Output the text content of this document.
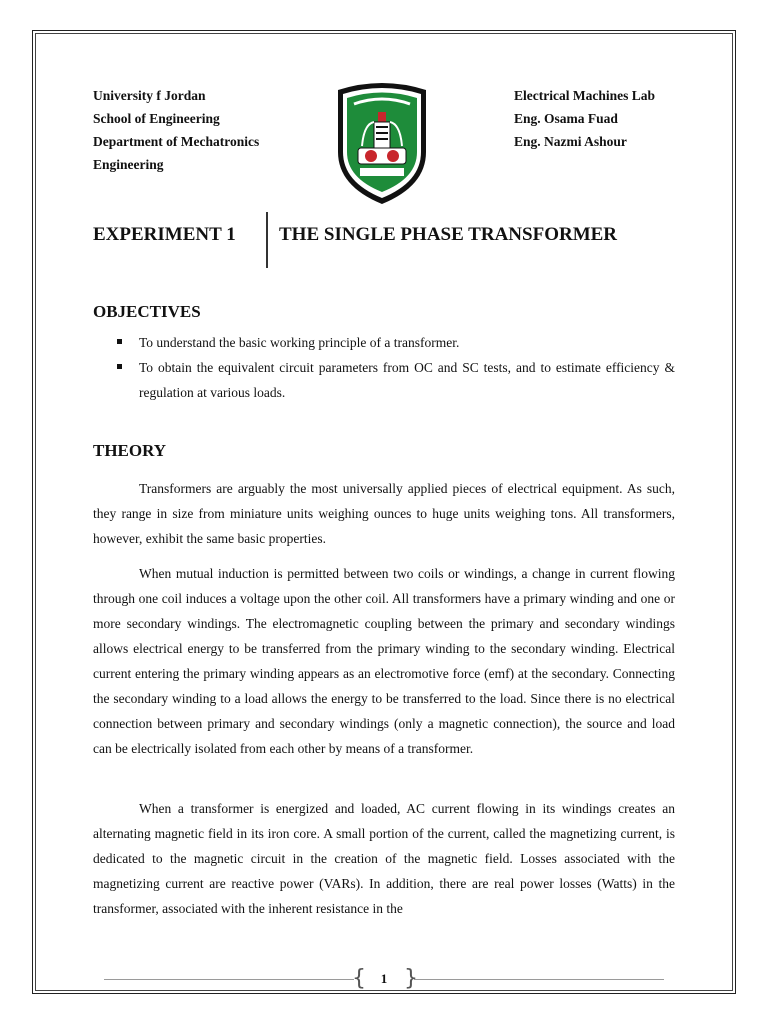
University f Jordan
School of Engineering
Department of Mechatronics
Engineering
Electrical Machines Lab
Eng. Osama Fuad
Eng. Nazmi Ashour
EXPERIMENT 1 THE SINGLE PHASE TRANSFORMER
OBJECTIVES
To understand the basic working principle of a transformer.
To obtain the equivalent circuit parameters from OC and SC tests, and to estimate efficiency & regulation at various loads.
THEORY

Transformers are arguably the most universally applied pieces of electrical equipment. As such, they range in size from miniature units weighing ounces to huge units weighing tons. All transformers, however, exhibit the same basic properties.

When mutual induction is permitted between two coils or windings, a change in current flowing through one coil induces a voltage upon the other coil. All transformers have a primary winding and one or more secondary windings. The electromagnetic coupling between the primary and secondary windings allows electrical energy to be transferred from the primary winding to the secondary winding. Electrical current entering the primary winding appears as an electromotive force (emf) at the secondary. Connecting the secondary winding to a load allows the energy to be transferred to the load. Since there is no electrical connection between primary and secondary windings (only a magnetic connection), the source and load can be electrically isolated from each other by means of a transformer.

When a transformer is energized and loaded, AC current flowing in its windings creates an alternating magnetic field in its iron core. A small portion of the current, called the magnetizing current, is dedicated to the magnetic circuit in the creation of the magnetic field. Losses associated with the magnetizing current are reactive power (VARs). In addition, there are real power losses (Watts) in the transformer, associated with the inherent resistance in the

{	1 }
